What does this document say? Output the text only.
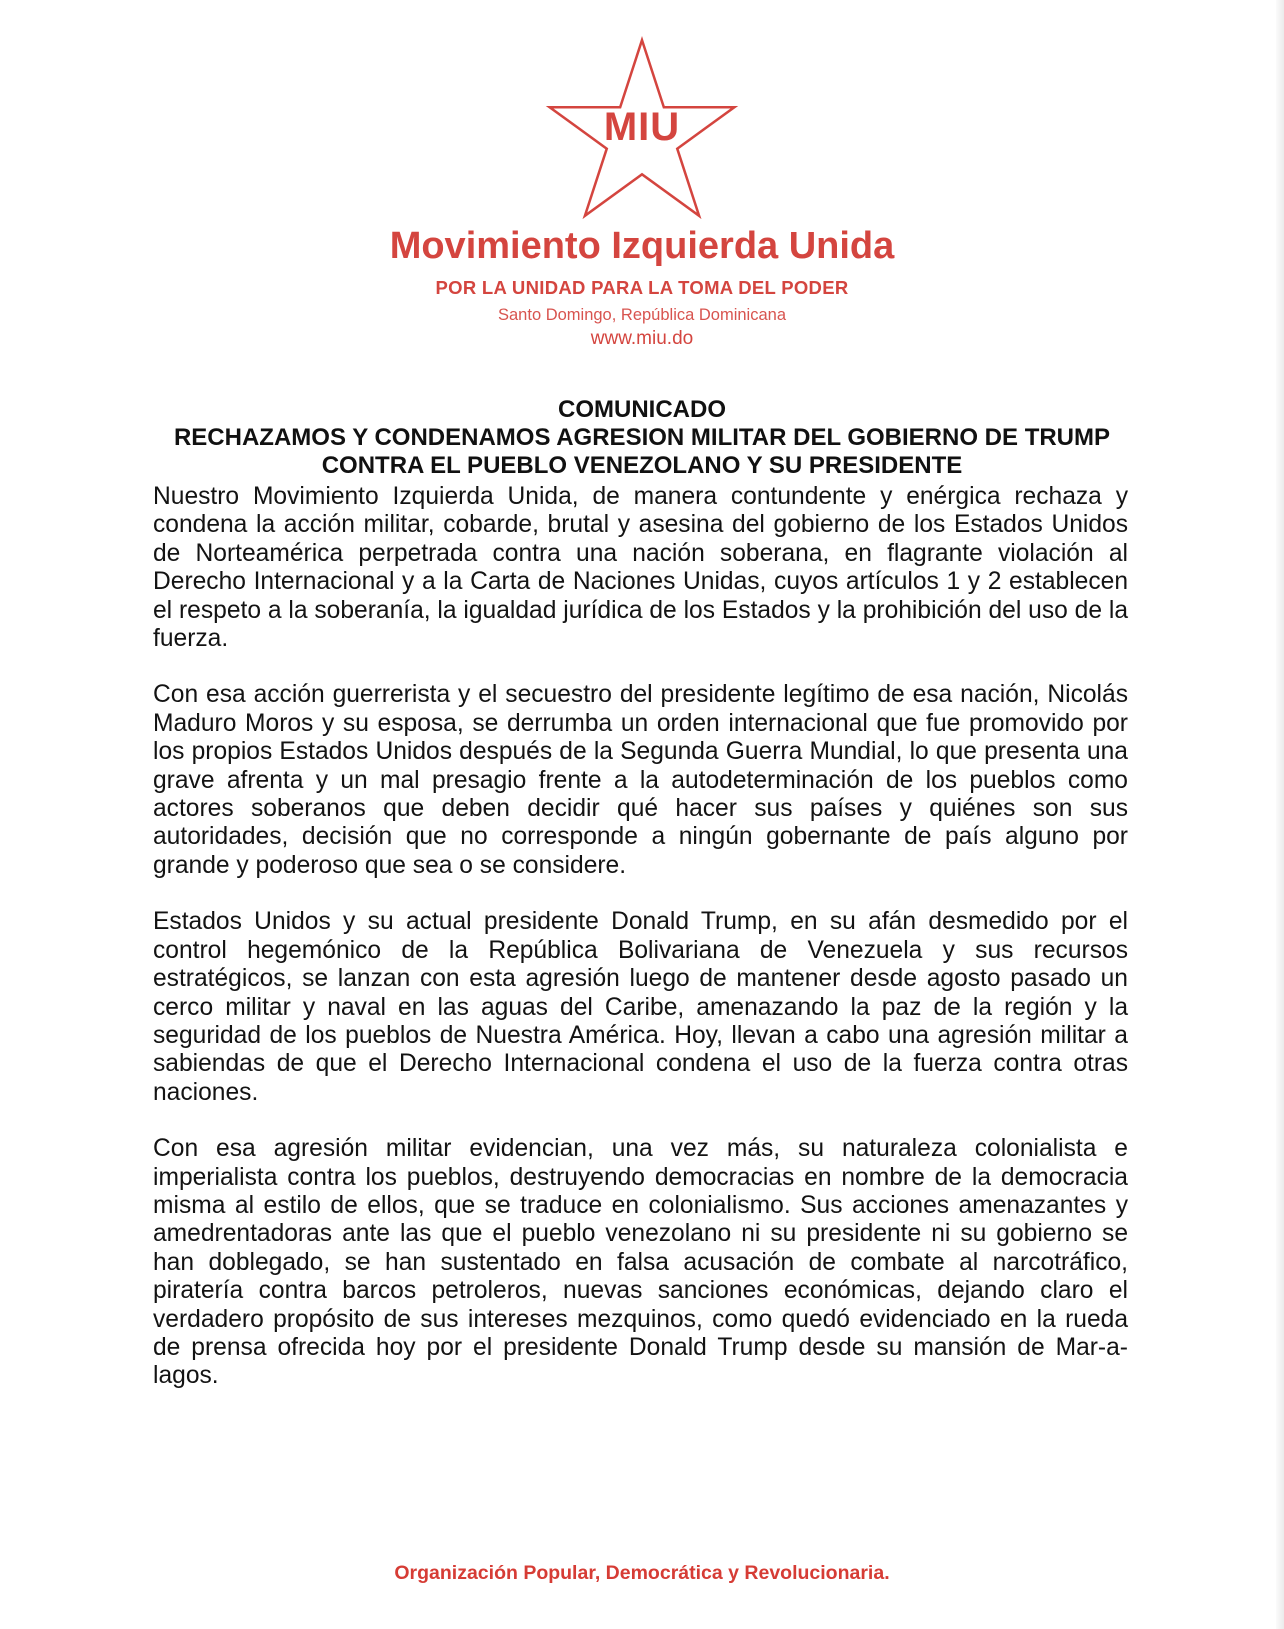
MIU
Movimiento Izquierda Unida
POR LA UNIDAD PARA LA TOMA DEL PODER
Santo Domingo, República Dominicana
www.miu.do
COMUNICADO
RECHAZAMOS Y CONDENAMOS AGRESION MILITAR DEL GOBIERNO DE TRUMP
CONTRA EL PUEBLO VENEZOLANO Y SU PRESIDENTE

Nuestro Movimiento Izquierda Unida, de manera contundente y enérgica rechaza y condena la acción militar, cobarde, brutal y asesina del gobierno de los Estados Unidos de Norteamérica perpetrada contra una nación soberana, en flagrante violación al Derecho Internacional y a la Carta de Naciones Unidas, cuyos artículos 1 y 2 establecen el respeto a la soberanía, la igualdad jurídica de los Estados y la prohibición del uso de la fuerza.

Con esa acción guerrerista y el secuestro del presidente legítimo de esa nación, Nicolás Maduro Moros y su esposa, se derrumba un orden internacional que fue promovido por los propios Estados Unidos después de la Segunda Guerra Mundial, lo que presenta una grave afrenta y un mal presagio frente a la autodeterminación de los pueblos como actores soberanos que deben decidir qué hacer sus países y quiénes son sus autoridades, decisión que no corresponde a ningún gobernante de país alguno por grande y poderoso que sea o se considere.

Estados Unidos y su actual presidente Donald Trump, en su afán desmedido por el control hegemónico de la República Bolivariana de Venezuela y sus recursos estratégicos, se lanzan con esta agresión luego de mantener desde agosto pasado un cerco militar y naval en las aguas del Caribe, amenazando la paz de la región y la seguridad de los pueblos de Nuestra América. Hoy, llevan a cabo una agresión militar a sabiendas de que el Derecho Internacional condena el uso de la fuerza contra otras naciones.

Con esa agresión militar evidencian, una vez más, su naturaleza colonialista e imperialista contra los pueblos, destruyendo democracias en nombre de la democracia misma al estilo de ellos, que se traduce en colonialismo. Sus acciones amenazantes y amedrentadoras ante las que el pueblo venezolano ni su presidente ni su gobierno se han doblegado, se han sustentado en falsa acusación de combate al narcotráfico, piratería contra barcos petroleros, nuevas sanciones económicas, dejando claro el verdadero propósito de sus intereses mezquinos, como quedó evidenciado en la rueda de prensa ofrecida hoy por el presidente Donald Trump desde su mansión de Mar-a-lagos.

Organización Popular, Democrática y Revolucionaria.
